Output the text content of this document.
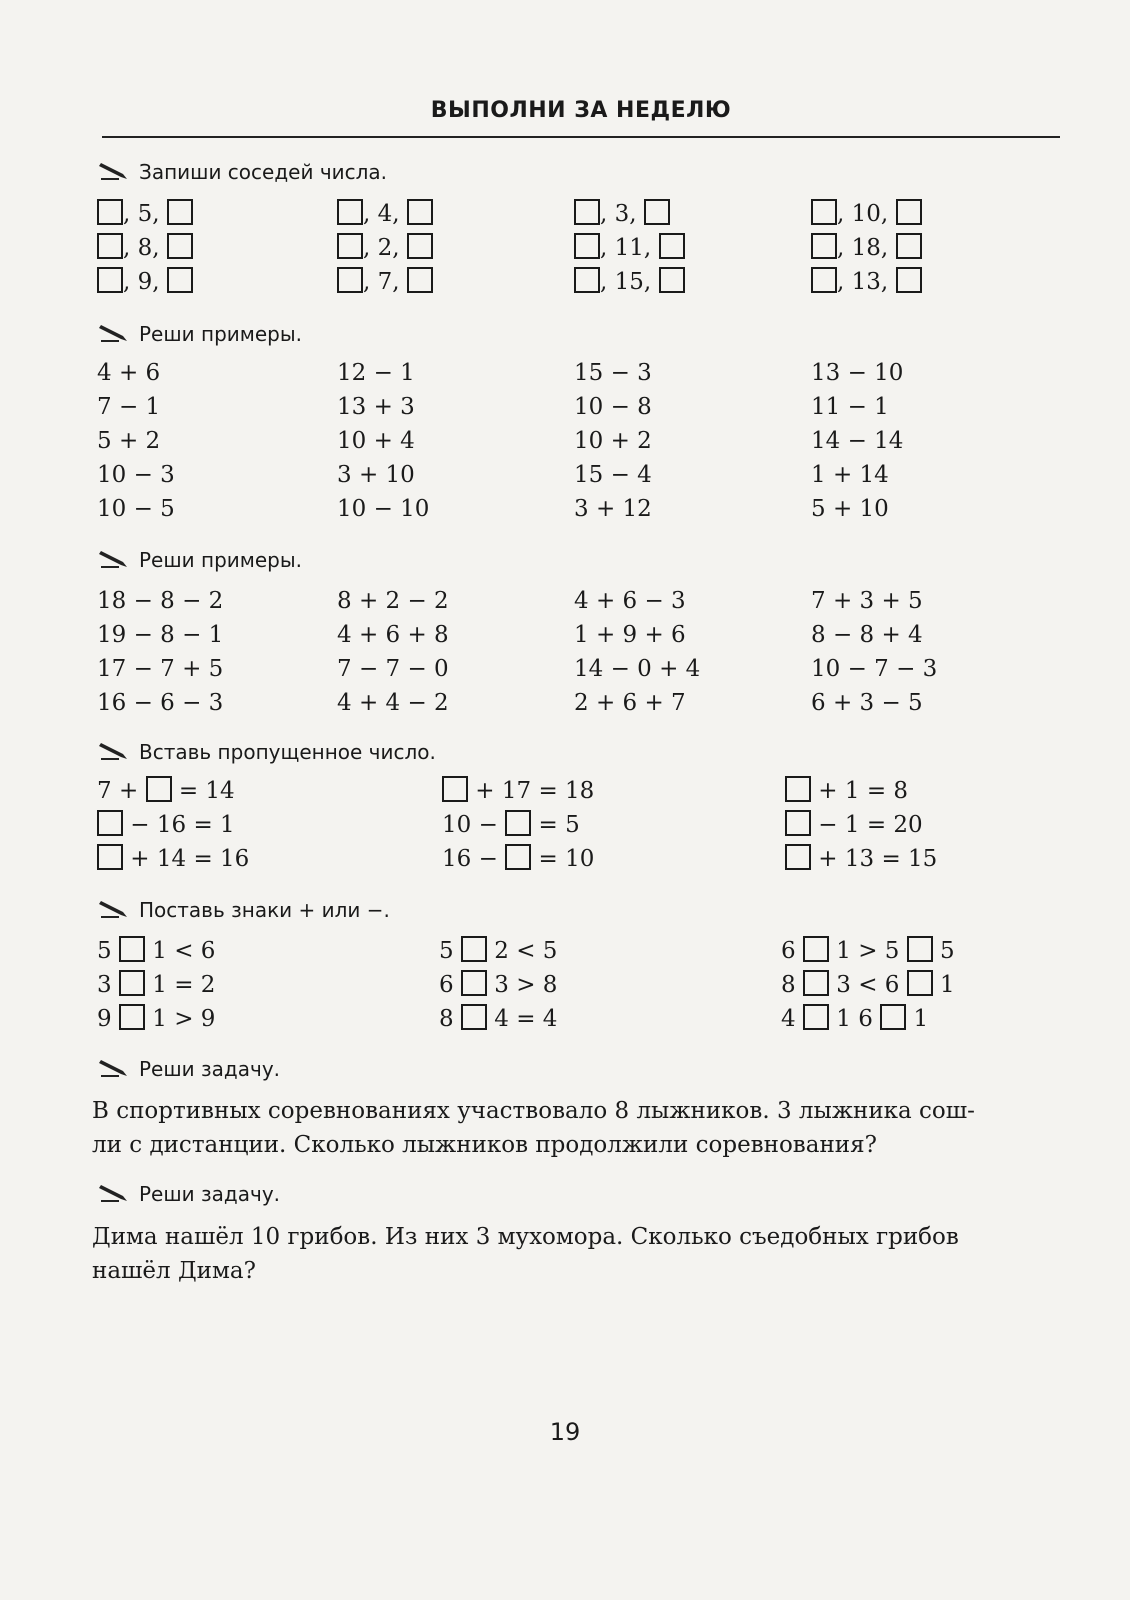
ВЫПОЛНИ ЗА НЕДЕЛЮ
Запиши соседей числа.
, 5,	, 4,	, 3,	, 10,
, 8,	, 2,	, 11,	, 18,
, 9,	, 7,	, 15,	, 13,
Реши примеры.
4 + 6	12 − 1	15 − 3	13 − 10
7 − 1	13 + 3	10 − 8	11 − 1
5 + 2	10 + 4	10 + 2	14 − 14
10 − 3	3 + 10	15 − 4	1 + 14
10 − 5	10 − 10	3 + 12	5 + 10
Реши примеры.
18 − 8 − 2	8 + 2 − 2	4 + 6 − 3	7 + 3 + 5
19 − 8 − 1	4 + 6 + 8	1 + 9 + 6	8 − 8 + 4
17 − 7 + 5	7 − 7 − 0	14 − 0 + 4	10 − 7 − 3
16 − 6 − 3	4 + 4 − 2	2 + 6 + 7	6 + 3 − 5
Вставь пропущенное число.
7 +  = 14	+ 17 = 18	+ 1 = 8
− 16 = 1	10 −  = 5	− 1 = 20
+ 14 = 16	16 −  = 10	+ 13 = 15
Поставь знаки + или −.
5  1 < 6	5  2 < 5	6  1 > 5  5
3  1 = 2	6  3 > 8	8  3 < 6  1
9  1 > 9	8  4 = 4	4  1 6  1
Реши задачу.
В спортивных соревнованиях участвовало 8 лыжников. 3 лыжника сош-
ли с дистанции. Сколько лыжников продолжили соревнования?
Реши задачу.
Дима нашёл 10 грибов. Из них 3 мухомора. Сколько съедобных грибов
нашёл Дима?
19
